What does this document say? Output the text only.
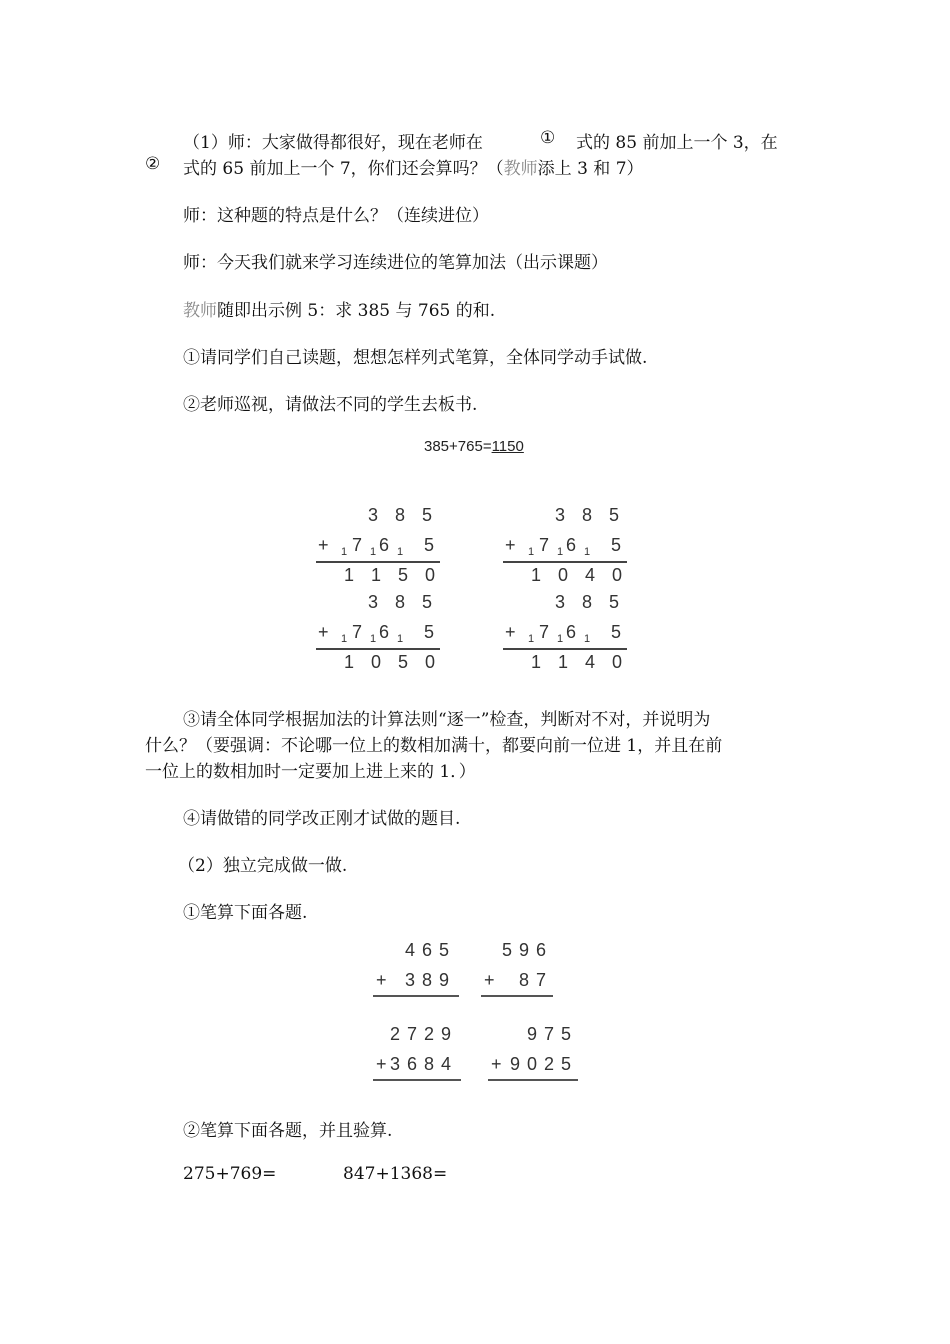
（1）师：大家做得都很好，现在老师在	① 式的 85 前加上一个 3，在
② 式的 65 前加上一个 7，你们还会算吗？（教师添上 3 和 7）
师：这种题的特点是什么？（连续进位）
师：今天我们就来学习连续进位的笔算加法（出示课题）
教师随即出示例 5：求 385 与 765 的和.
①请同学们自己读题，想想怎样列式笔算，全体同学动手试做.
②老师巡视，请做法不同的学生去板书.
385+765=1150
3 8 5
+ 1 1 1
7 6 5
1 1 5 0
3 8 5
+ 1 1 1
7 6 5
1 0 4 0
3 8 5
+ 1 1 1
7 6 5
1 0 5 0
3 8 5
+ 1 1 1
7 6 5
1 1 4 0
③请全体同学根据加法的计算法则“逐一”检查，判断对不对，并说明为
什么？（要强调：不论哪一位上的数相加满十，都要向前一位进 1，并且在前
一位上的数相加时一定要加上进上来的 1．）
④请做错的同学改正刚才试做的题目.
（2）独立完成做一做.
①笔算下面各题.
465
389
+
596
87
+
2729
3684
+
975
9025
+
②笔算下面各题，并且验算.
275+769=	847+1368=
